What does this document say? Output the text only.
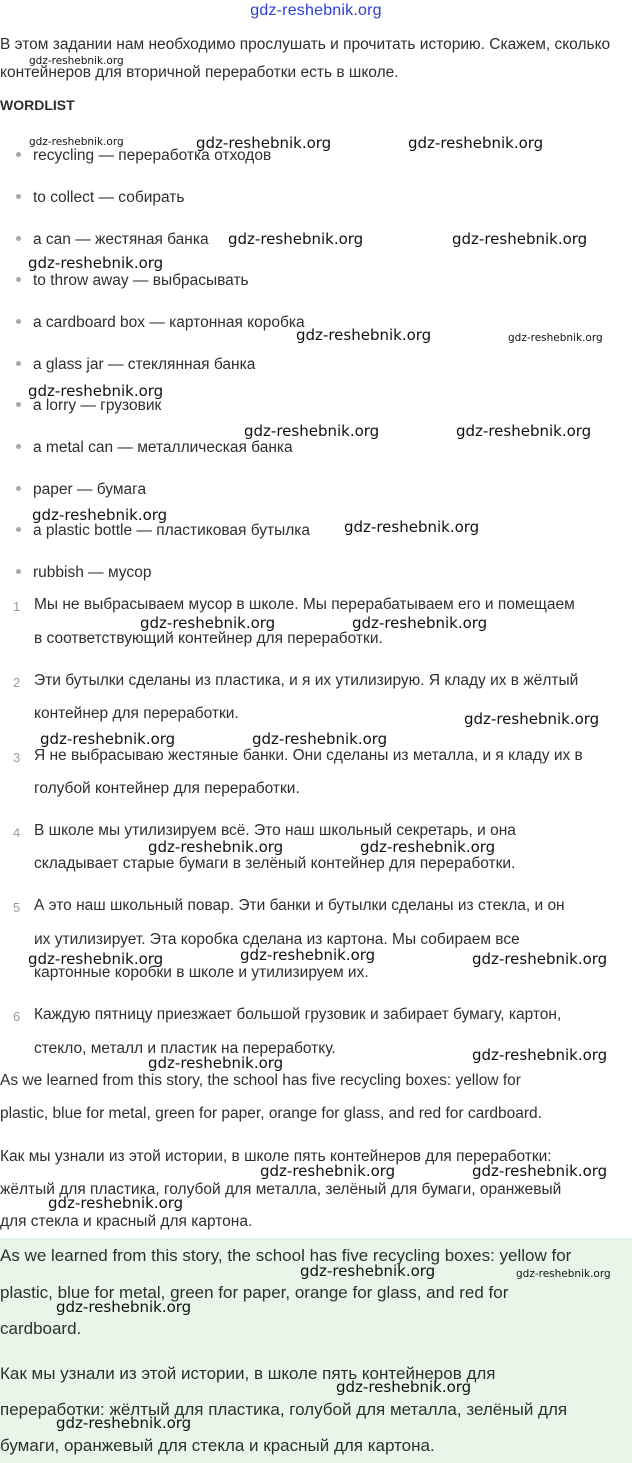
gdz-reshebnik.org
В этом задании нам необходимо прослушать и прочитать историю. Скажем, сколько контейнеров для вторичной переработки есть в школе.
WORDLIST
recycling — переработка отходов
to collect — собирать
a can — жестяная банка
to throw away — выбрасывать
a cardboard box — картонная коробка
a glass jar — стеклянная банка
a lorry — грузовик
a metal can — металлическая банка
paper — бумага
a plastic bottle — пластиковая бутылка
rubbish — мусор
1 Мы не выбрасываем мусор в школе. Мы перерабатываем его и помещаем
в соответствующий контейнер для переработки.
2 Эти бутылки сделаны из пластика, и я их утилизирую. Я кладу их в жёлтый
контейнер для переработки.
3 Я не выбрасываю жестяные банки. Они сделаны из металла, и я кладу их в
голубой контейнер для переработки.
4 В школе мы утилизируем всё. Это наш школьный секретарь, и она
складывает старые бумаги в зелёный контейнер для переработки.
5 А это наш школьный повар. Эти банки и бутылки сделаны из стекла, и он
их утилизирует. Эта коробка сделана из картона. Мы собираем все
картонные коробки в школе и утилизируем их.
6 Каждую пятницу приезжает большой грузовик и забирает бумагу, картон,
стекло, металл и пластик на переработку.
As we learned from this story, the school has five recycling boxes: yellow for
plastic, blue for metal, green for paper, orange for glass, and red for cardboard.
Как мы узнали из этой истории, в школе пять контейнеров для переработки:
жёлтый для пластика, голубой для металла, зелёный для бумаги, оранжевый
для стекла и красный для картона.
As we learned from this story, the school has five recycling boxes: yellow for
plastic, blue for metal, green for paper, orange for glass, and red for
cardboard.
Как мы узнали из этой истории, в школе пять контейнеров для
переработки: жёлтый для пластика, голубой для металла, зелёный для
бумаги, оранжевый для стекла и красный для картона.
gdz-reshebnik.org
gdz-reshebnik.org	gdz-reshebnik.org	gdz-reshebnik.org
gdz-reshebnik.org	gdz-reshebnik.org
gdz-reshebnik.org
gdz-reshebnik.org	gdz-reshebnik.org
gdz-reshebnik.org
gdz-reshebnik.org	gdz-reshebnik.org
gdz-reshebnik.org
gdz-reshebnik.org
gdz-reshebnik.org	gdz-reshebnik.org
gdz-reshebnik.org
gdz-reshebnik.org	gdz-reshebnik.org
gdz-reshebnik.org	gdz-reshebnik.org
gdz-reshebnik.org
gdz-reshebnik.org	gdz-reshebnik.org
gdz-reshebnik.org	gdz-reshebnik.org
gdz-reshebnik.org	gdz-reshebnik.org
gdz-reshebnik.org
gdz-reshebnik.org	gdz-reshebnik.org
gdz-reshebnik.org
gdz-reshebnik.org
gdz-reshebnik.org
